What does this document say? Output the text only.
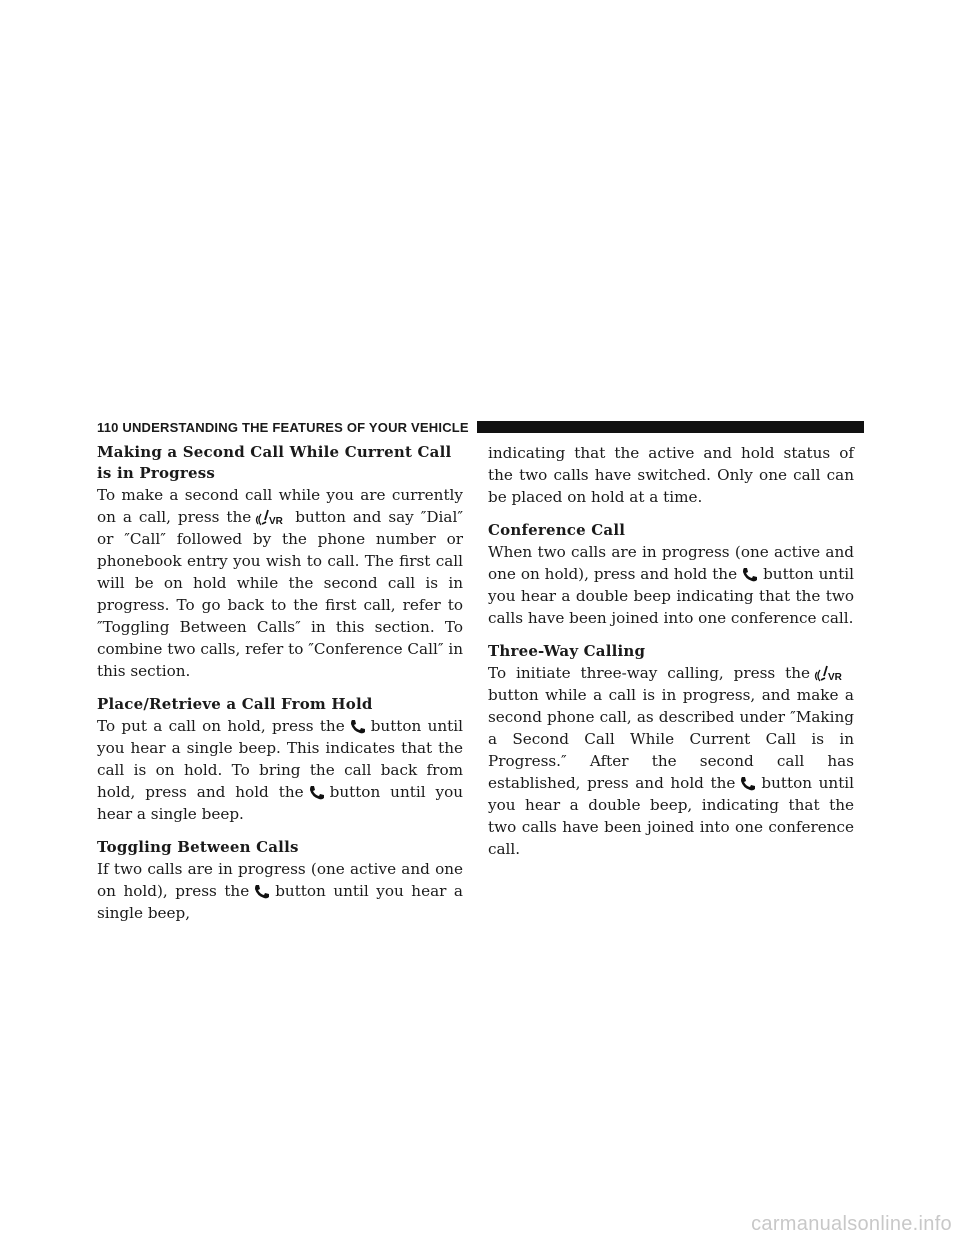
110 UNDERSTANDING THE FEATURES OF YOUR VEHICLE
Making a Second Call While Current Call is in Progress

To make a second call while you are currently on a call, press the VR button and say ″Dial″ or ″Call″ followed by the phone number or phonebook entry you wish to call. The first call will be on hold while the second call is in progress. To go back to the first call, refer to ″Toggling Between Calls″ in this section. To combine two calls, refer to ″Conference Call″ in this section.

Place/Retrieve a Call From Hold

To put a call on hold, press the button until you hear a single beep. This indicates that the call is on hold. To bring the call back from hold, press and hold the button until you hear a single beep.

Toggling Between Calls

If two calls are in progress (one active and one on hold), press the button until you hear a single beep,

indicating that the active and hold status of the two calls have switched. Only one call can be placed on hold at a time.

Conference Call

When two calls are in progress (one active and one on hold), press and hold the button until you hear a double beep indicating that the two calls have been joined into one conference call.

Three-Way Calling

To initiate three-way calling, press the VR
button while a call is in progress, and make a second phone call, as described under ″Making a Second Call While Current Call is in Progress.″ After the second call has established, press and hold the button until you hear a double beep, indicating that the two calls have been joined into one conference call.

carmanualsonline.info
